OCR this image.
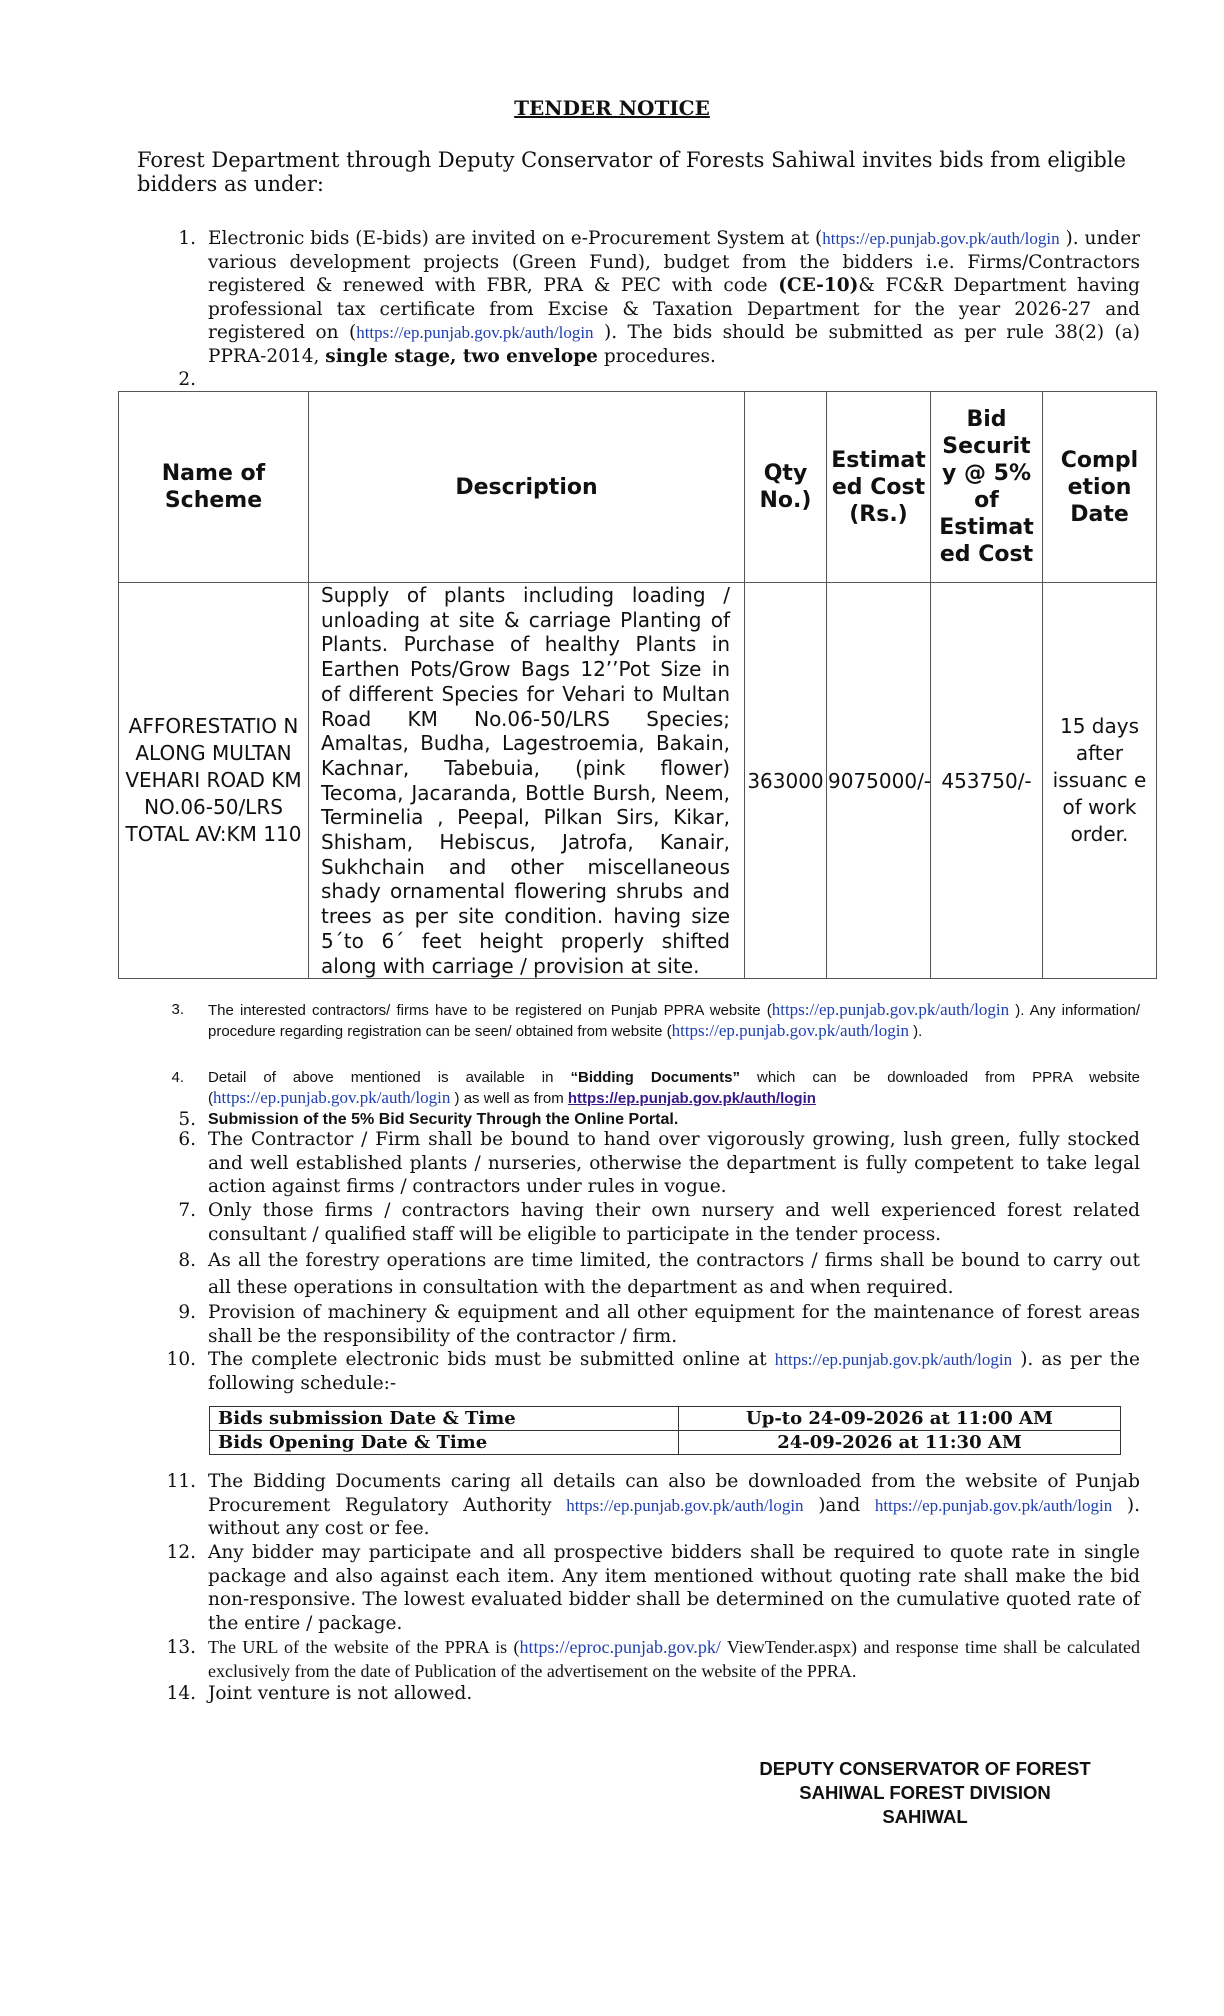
TENDER NOTICE
Forest Department through Deputy Conservator of Forests Sahiwal invites bids from eligible bidders as under:
1. Electronic bids (E-bids) are invited on e-Procurement System at (https://ep.punjab.gov.pk/auth/login ). under various development projects (Green Fund), budget from the bidders i.e. Firms/Contractors registered & renewed with FBR, PRA & PEC with code (CE-10)& FC&R Department having professional tax certificate from Excise & Taxation Department for the year 2026-27 and registered on (https://ep.punjab.gov.pk/auth/login ). The bids should be submitted as per rule 38(2) (a) PPRA-2014, single stage, two envelope procedures.
2.
Name of Scheme	Description	Qty No.)	Estimat ed Cost (Rs.)	Bid Securit y @ 5% of Estimat ed Cost	Compl etion Date
AFFORESTATIO N ALONG MULTAN VEHARI ROAD KM NO.06-50/LRS TOTAL AV:KM 110	Supply of plants including loading / unloading at site & carriage Planting of Plants. Purchase of healthy Plants in Earthen Pots/Grow Bags 12’’Pot Size in of different Species for Vehari to Multan Road KM No.06-50/LRS Species; Amaltas, Budha, Lagestroemia, Bakain, Kachnar, Tabebuia, (pink flower) Tecoma, Jacaranda, Bottle Bursh, Neem, Terminelia , Peepal, Pilkan Sirs, Kikar, Shisham, Hebiscus, Jatrofa, Kanair, Sukhchain and other miscellaneous shady ornamental flowering shrubs and trees as per site condition. having size 5΄to 6΄ feet height properly shifted along with carriage / provision at site.	363000	9075000/-	453750/-	15 days after issuanc e of work order.
3. The interested contractors/ firms have to be registered on Punjab PPRA website (https://ep.punjab.gov.pk/auth/login ). Any information/ procedure regarding registration can be seen/ obtained from website (https://ep.punjab.gov.pk/auth/login ).
4. Detail of above mentioned is available in “Bidding Documents” which can be downloaded from PPRA website (https://ep.punjab.gov.pk/auth/login ) as well as from https://ep.punjab.gov.pk/auth/login
5. Submission of the 5% Bid Security Through the Online Portal.
6. The Contractor / Firm shall be bound to hand over vigorously growing, lush green, fully stocked and well established plants / nurseries, otherwise the department is fully competent to take legal action against firms / contractors under rules in vogue.
7. Only those firms / contractors having their own nursery and well experienced forest related consultant / qualified staff will be eligible to participate in the tender process.
8. As all the forestry operations are time limited, the contractors / firms shall be bound to carry out all these operations in consultation with the department as and when required.
9. Provision of machinery & equipment and all other equipment for the maintenance of forest areas shall be the responsibility of the contractor / firm.
10. The complete electronic bids must be submitted online at https://ep.punjab.gov.pk/auth/login ). as per the following schedule:-
Bids submission Date & Time	Up-to 24-09-2026 at 11:00 AM
Bids Opening Date & Time	24-09-2026 at 11:30 AM
11. The Bidding Documents caring all details can also be downloaded from the website of Punjab Procurement Regulatory Authority https://ep.punjab.gov.pk/auth/login )and https://ep.punjab.gov.pk/auth/login ). without any cost or fee.
12. Any bidder may participate and all prospective bidders shall be required to quote rate in single package and also against each item. Any item mentioned without quoting rate shall make the bid non-responsive. The lowest evaluated bidder shall be determined on the cumulative quoted rate of the entire / package.
13. The URL of the website of the PPRA is (https://eproc.punjab.gov.pk/ ViewTender.aspx) and response time shall be calculated exclusively from the date of Publication of the advertisement on the website of the PPRA.
14. Joint venture is not allowed.
DEPUTY CONSERVATOR OF FOREST
SAHIWAL FOREST DIVISION
SAHIWAL
